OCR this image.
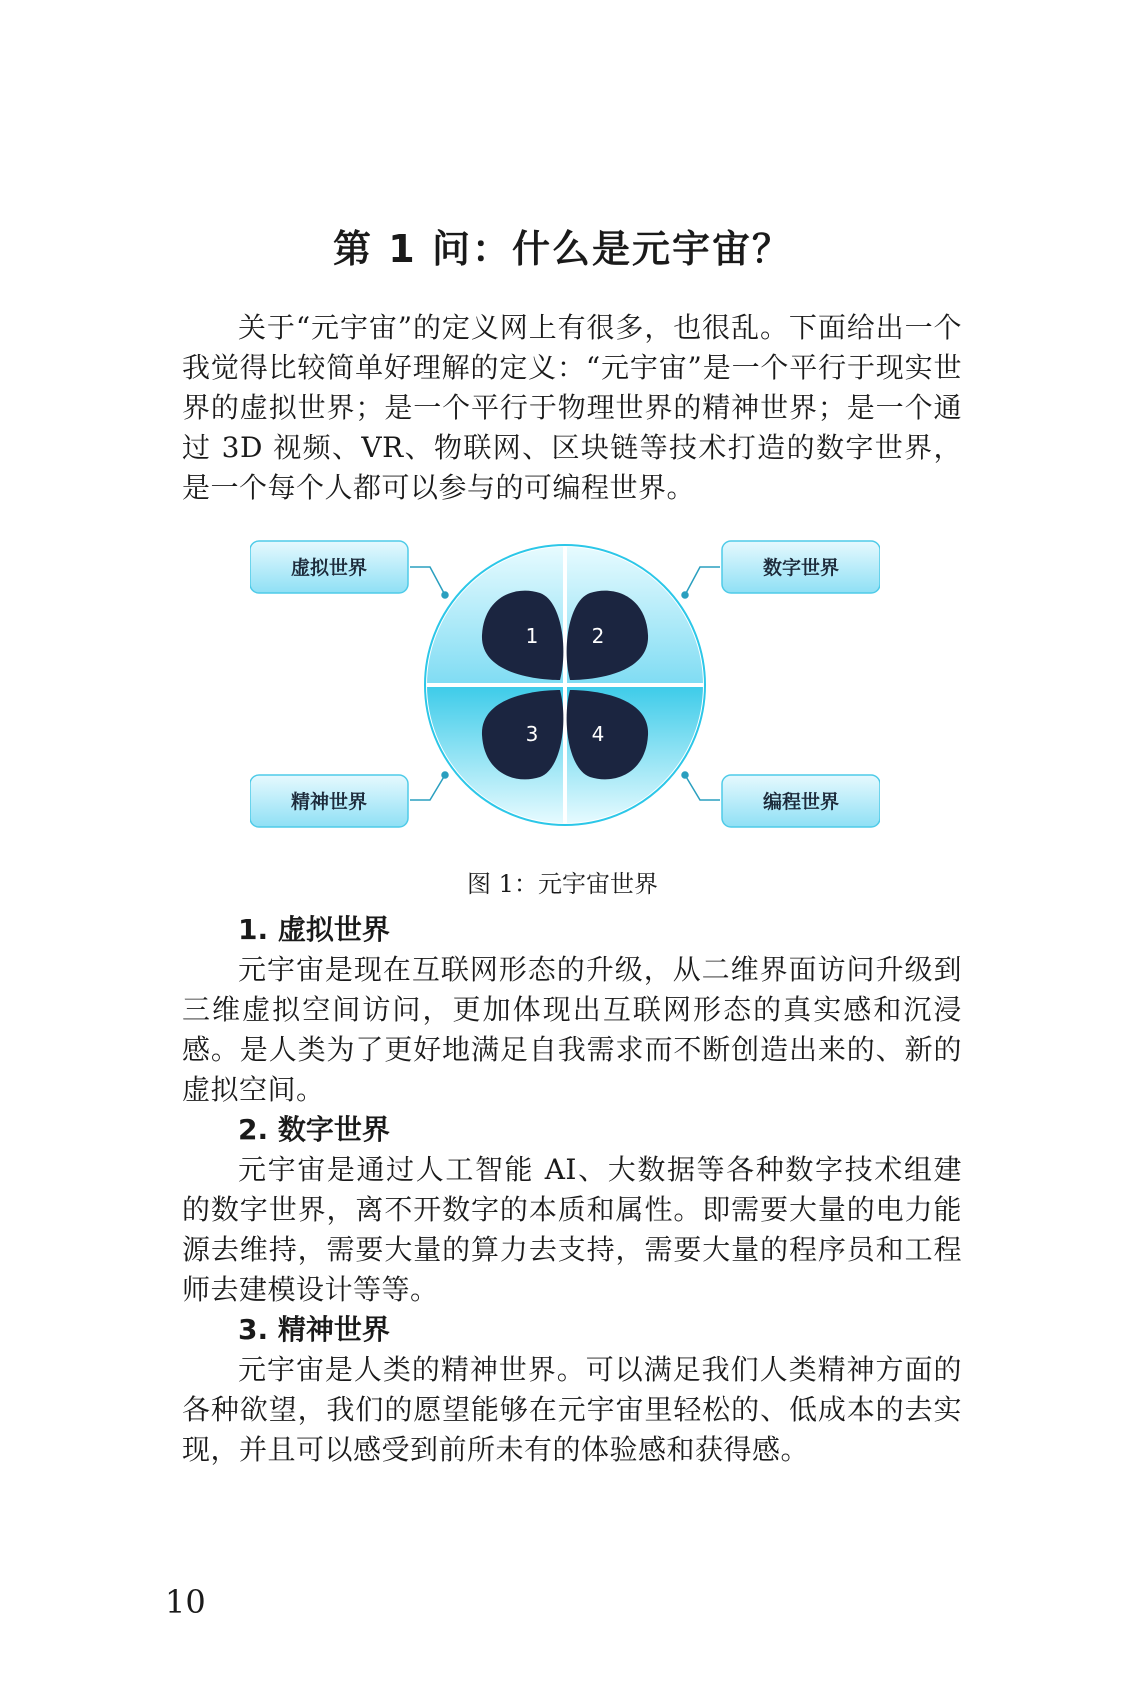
第 1 问：什么是元宇宙？

关于“元宇宙”的定义网上有很多，也很乱。下面给出一个我觉得比较简单好理解的定义：“元宇宙”是一个平行于现实世界的虚拟世界；是一个平行于物理世界的精神世界；是一个通过 3D 视频、VR、物联网、区块链等技术打造的数字世界，是一个每个人都可以参与的可编程世界。

1	2
3	4
虚拟世界	数字世界
精神世界	编程世界

图 1：元宇宙世界

1. 虚拟世界

元宇宙是现在互联网形态的升级，从二维界面访问升级到三维虚拟空间访问，更加体现出互联网形态的真实感和沉浸感。是人类为了更好地满足自我需求而不断创造出来的、新的虚拟空间。

2. 数字世界

元宇宙是通过人工智能 AI、大数据等各种数字技术组建的数字世界，离不开数字的本质和属性。即需要大量的电力能源去维持，需要大量的算力去支持，需要大量的程序员和工程师去建模设计等等。

3. 精神世界

元宇宙是人类的精神世界。可以满足我们人类精神方面的各种欲望，我们的愿望能够在元宇宙里轻松的、低成本的去实现，并且可以感受到前所未有的体验感和获得感。

10
